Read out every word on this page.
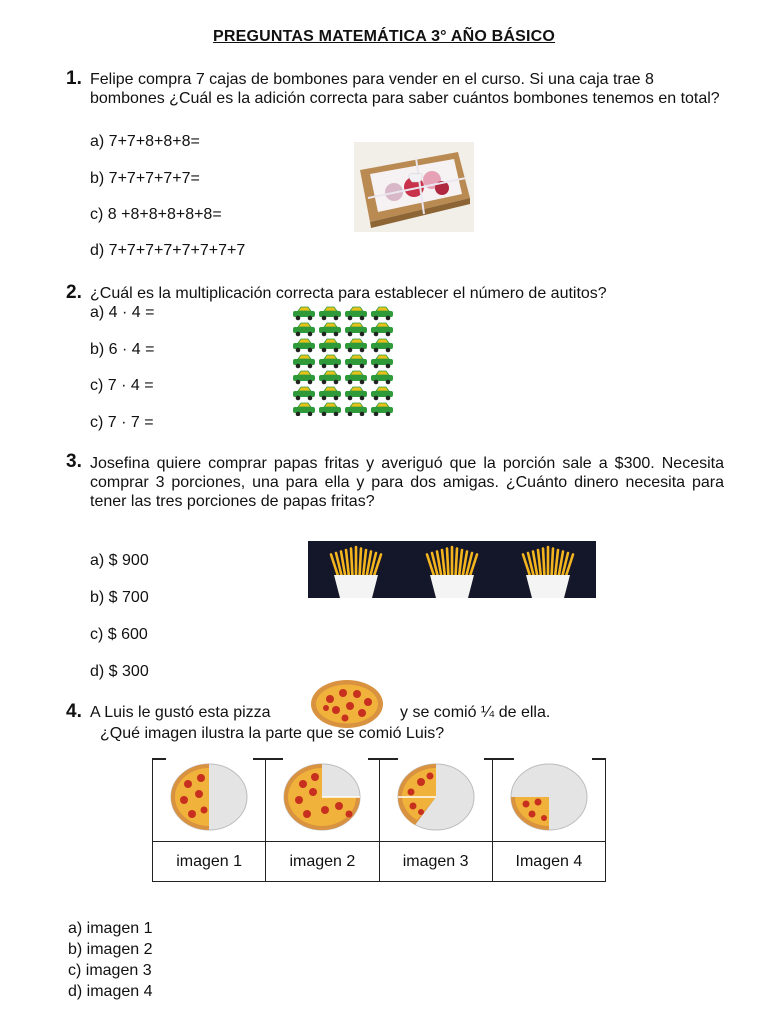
PREGUNTAS MATEMÁTICA 3° AÑO BÁSICO
1. Felipe compra 7 cajas de bombones para vender en el curso. Si una caja trae 8 bombones ¿Cuál es la adición correcta para saber cuántos bombones tenemos en total?
a) 7+7+8+8+8=
b) 7+7+7+7+7=
c) 8 +8+8+8+8+8=
d) 7+7+7+7+7+7+7+7
2. ¿Cuál es la multiplicación correcta para establecer el número de autitos?
a) 4 · 4 =
b) 6 · 4 =
c) 7 · 4 =
c) 7 · 7 =
3. Josefina quiere comprar papas fritas y averiguó que la porción sale a $300. Necesita comprar 3 porciones, una para ella y para dos amigas. ¿Cuánto dinero necesita para tener las tres porciones de papas fritas?
a) $ 900
b) $ 700
c) $ 600
d) $ 300
4. A Luis le gustó esta pizza	y se comió ¼ de ella.
¿Qué imagen ilustra la parte que se comió Luis?

imagen 1	imagen 2	imagen 3	Imagen 4
a) imagen 1
b) imagen 2
c) imagen 3
d) imagen 4
